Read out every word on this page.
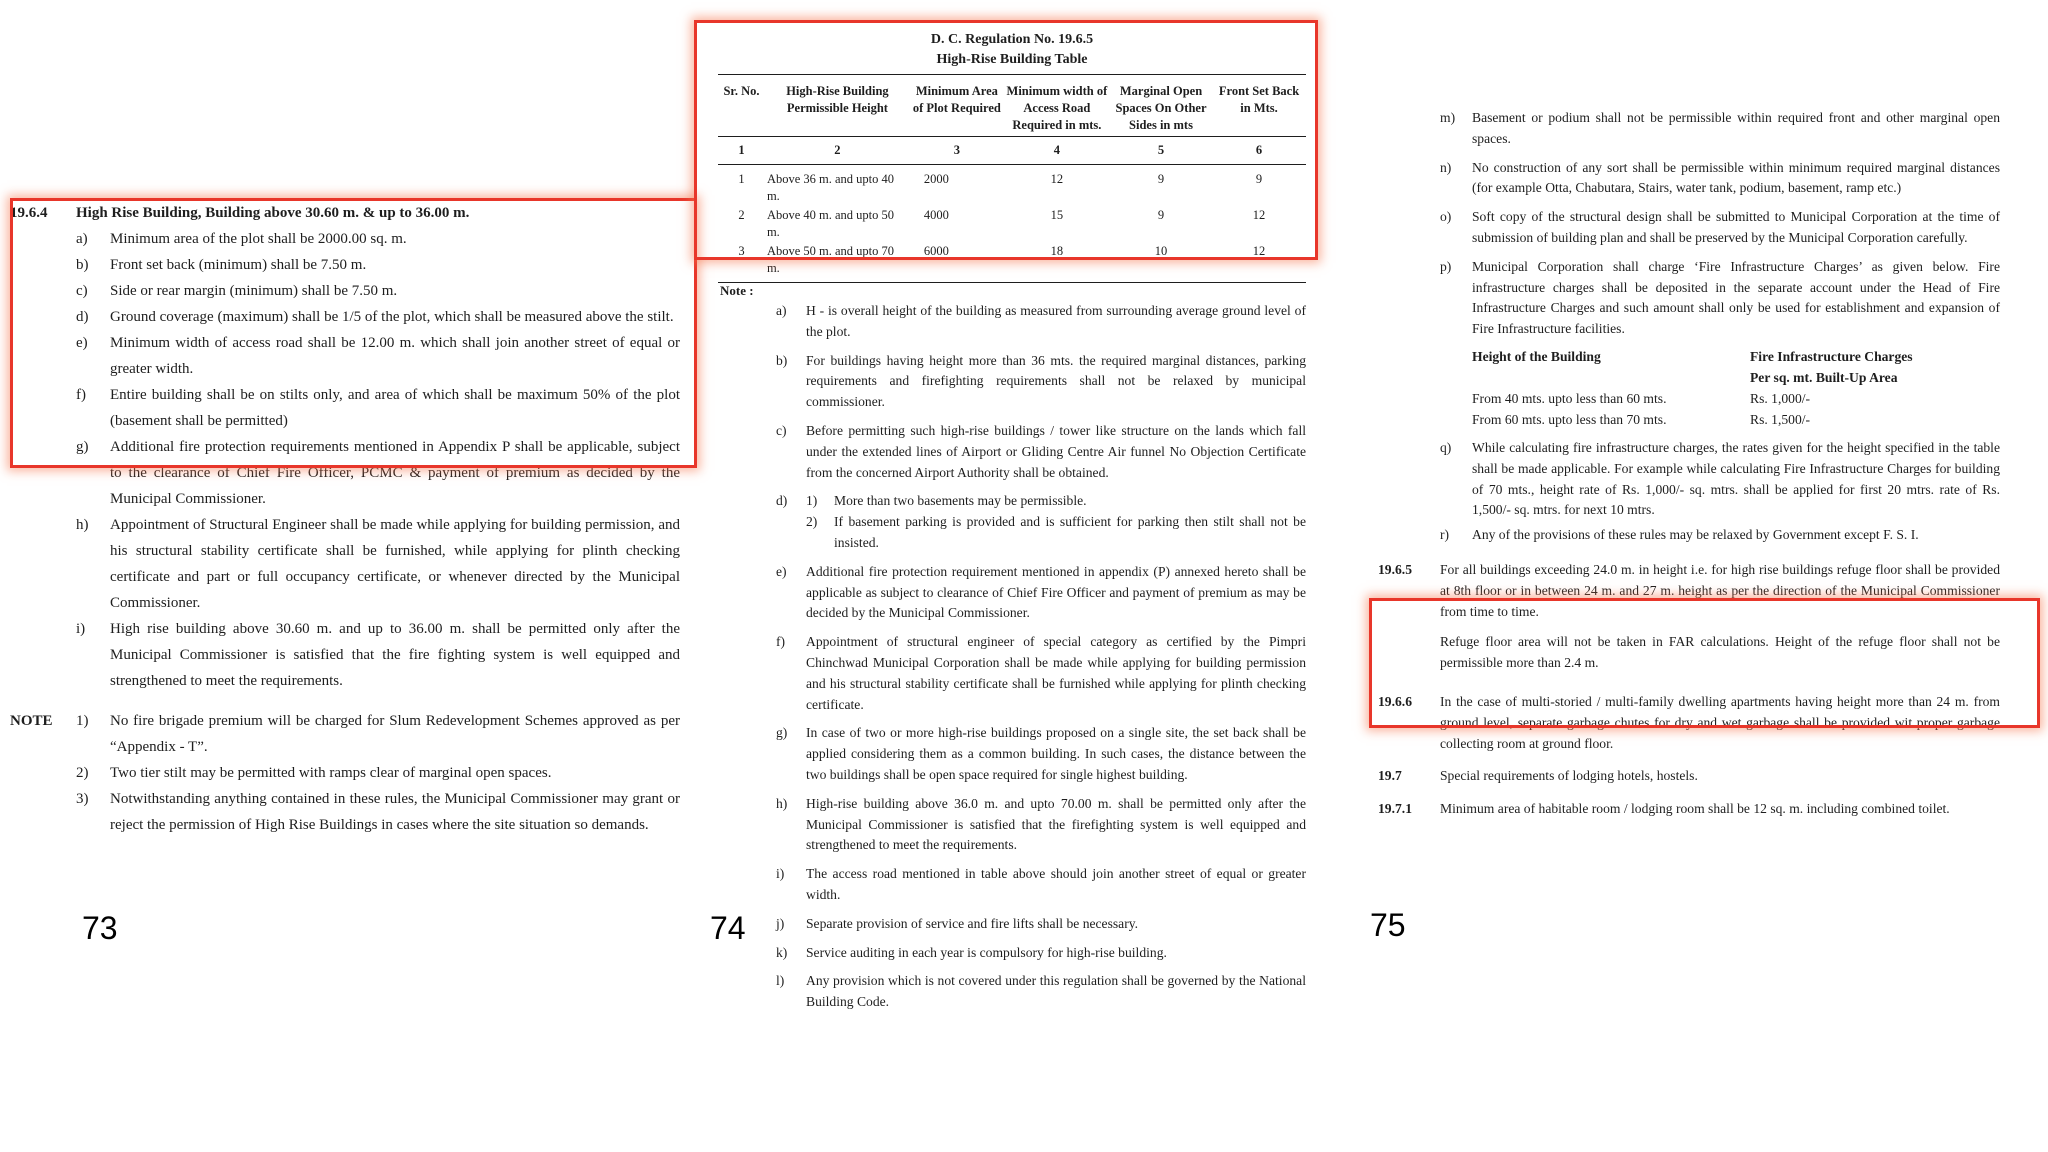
19.6.4	High Rise Building, Building above 30.60 m. & up to 36.00 m.
a)	Minimum area of the plot shall be 2000.00 sq. m.
b)	Front set back (minimum) shall be 7.50 m.
c)	Side or rear margin (minimum) shall be 7.50 m.
d)	Ground coverage (maximum) shall be 1/5 of the plot, which shall be measured above the stilt.
e)	Minimum width of access road shall be 12.00 m. which shall join another street of equal or greater width.
f)	Entire building shall be on stilts only, and area of which shall be maximum 50% of the plot (basement shall be permitted)
g)	Additional fire protection requirements mentioned in Appendix P shall be applicable, subject to the clearance of Chief Fire Officer, PCMC & payment of premium as decided by the Municipal Commissioner.
h)	Appointment of Structural Engineer shall be made while applying for building permission, and his structural stability certificate shall be furnished, while applying for plinth checking certificate and part or full occupancy certificate, or whenever directed by the Municipal Commissioner.
i)	High rise building above 30.60 m. and up to 36.00 m. shall be permitted only after the Municipal Commissioner is satisfied that the fire fighting system is well equipped and strengthened to meet the requirements.
NOTE 1)	No fire brigade premium will be charged for Slum Redevelopment Schemes approved as per “Appendix - T”.
2)	Two tier stilt may be permitted with ramps clear of marginal open spaces.
3)	Notwithstanding anything contained in these rules, the Municipal Commissioner may grant or reject the permission of High Rise Buildings in cases where the site situation so demands.
D. C. Regulation No. 19.6.5
High-Rise Building Table
Sr. No.	High-Rise Building Permissible Height	Minimum Area of Plot Required	Minimum width of Access Road Required in mts.	Marginal Open Spaces On Other Sides in mts	Front Set Back in Mts.
1	2	3	4	5	6
1	Above 36 m. and upto 40 m.	2000	12	9	9
2	Above 40 m. and upto 50 m.	4000	15	9	12
3	Above 50 m. and upto 70 m.	6000	18	10	12
Note :
a)	H - is overall height of the building as measured from surrounding average ground level of the plot.
b)	For buildings having height more than 36 mts. the required marginal distances, parking requirements and firefighting requirements shall not be relaxed by municipal commissioner.
c)	Before permitting such high-rise buildings / tower like structure on the lands which fall under the extended lines of Airport or Gliding Centre Air funnel No Objection Certificate from the concerned Airport Authority shall be obtained.
d)	1)	More than two basements may be permissible.
2)	If basement parking is provided and is sufficient for parking then stilt shall not be insisted.
e)	Additional fire protection requirement mentioned in appendix (P) annexed hereto shall be applicable as subject to clearance of Chief Fire Officer and payment of premium as may be decided by the Municipal Commissioner.
f)	Appointment of structural engineer of special category as certified by the Pimpri Chinchwad Municipal Corporation shall be made while applying for building permission and his structural stability certificate shall be furnished while applying for plinth checking certificate.
g)	In case of two or more high-rise buildings proposed on a single site, the set back shall be applied considering them as a common building. In such cases, the distance between the two buildings shall be open space required for single highest building.
h)	High-rise building above 36.0 m. and upto 70.00 m. shall be permitted only after the Municipal Commissioner is satisfied that the firefighting system is well equipped and strengthened to meet the requirements.
i)	The access road mentioned in table above should join another street of equal or greater width.
j)	Separate provision of service and fire lifts shall be necessary.
k)	Service auditing in each year is compulsory for high-rise building.
l)	Any provision which is not covered under this regulation shall be governed by the National Building Code.
m)	Basement or podium shall not be permissible within required front and other marginal open spaces.
n)	No construction of any sort shall be permissible within minimum required marginal distances (for example Otta, Chabutara, Stairs, water tank, podium, basement, ramp etc.)
o)	Soft copy of the structural design shall be submitted to Municipal Corporation at the time of submission of building plan and shall be preserved by the Municipal Corporation carefully.
p)	Municipal Corporation shall charge ‘Fire Infrastructure Charges’ as given below. Fire infrastructure charges shall be deposited in the separate account under the Head of Fire Infrastructure Charges and such amount shall only be used for establishment and expansion of Fire Infrastructure facilities.
Height of the Building	Fire Infrastructure Charges
Per sq. mt. Built-Up Area
From 40 mts. upto less than 60 mts.	Rs. 1,000/-
From 60 mts. upto less than 70 mts.	Rs. 1,500/-
q)	While calculating fire infrastructure charges, the rates given for the height specified in the table shall be made applicable. For example while calculating Fire Infrastructure Charges for building of 70 mts., height rate of Rs. 1,000/- sq. mtrs. shall be applied for first 20 mtrs. rate of Rs. 1,500/- sq. mtrs. for next 10 mtrs.
r)	Any of the provisions of these rules may be relaxed by Government except F. S. I.
19.6.5	For all buildings exceeding 24.0 m. in height i.e. for high rise buildings refuge floor shall be provided at 8th floor or in between 24 m. and 27 m. height as per the direction of the Municipal Commissioner from time to time.
Refuge floor area will not be taken in FAR calculations. Height of the refuge floor shall not be permissible more than 2.4 m.
19.6.6	In the case of multi-storied / multi-family dwelling apartments having height more than 24 m. from ground level, separate garbage chutes for dry and wet garbage shall be provided wit proper garbage collecting room at ground floor.
19.7	Special requirements of lodging hotels, hostels.
19.7.1	Minimum area of habitable room / lodging room shall be 12 sq. m. including combined toilet.
73	74	75
